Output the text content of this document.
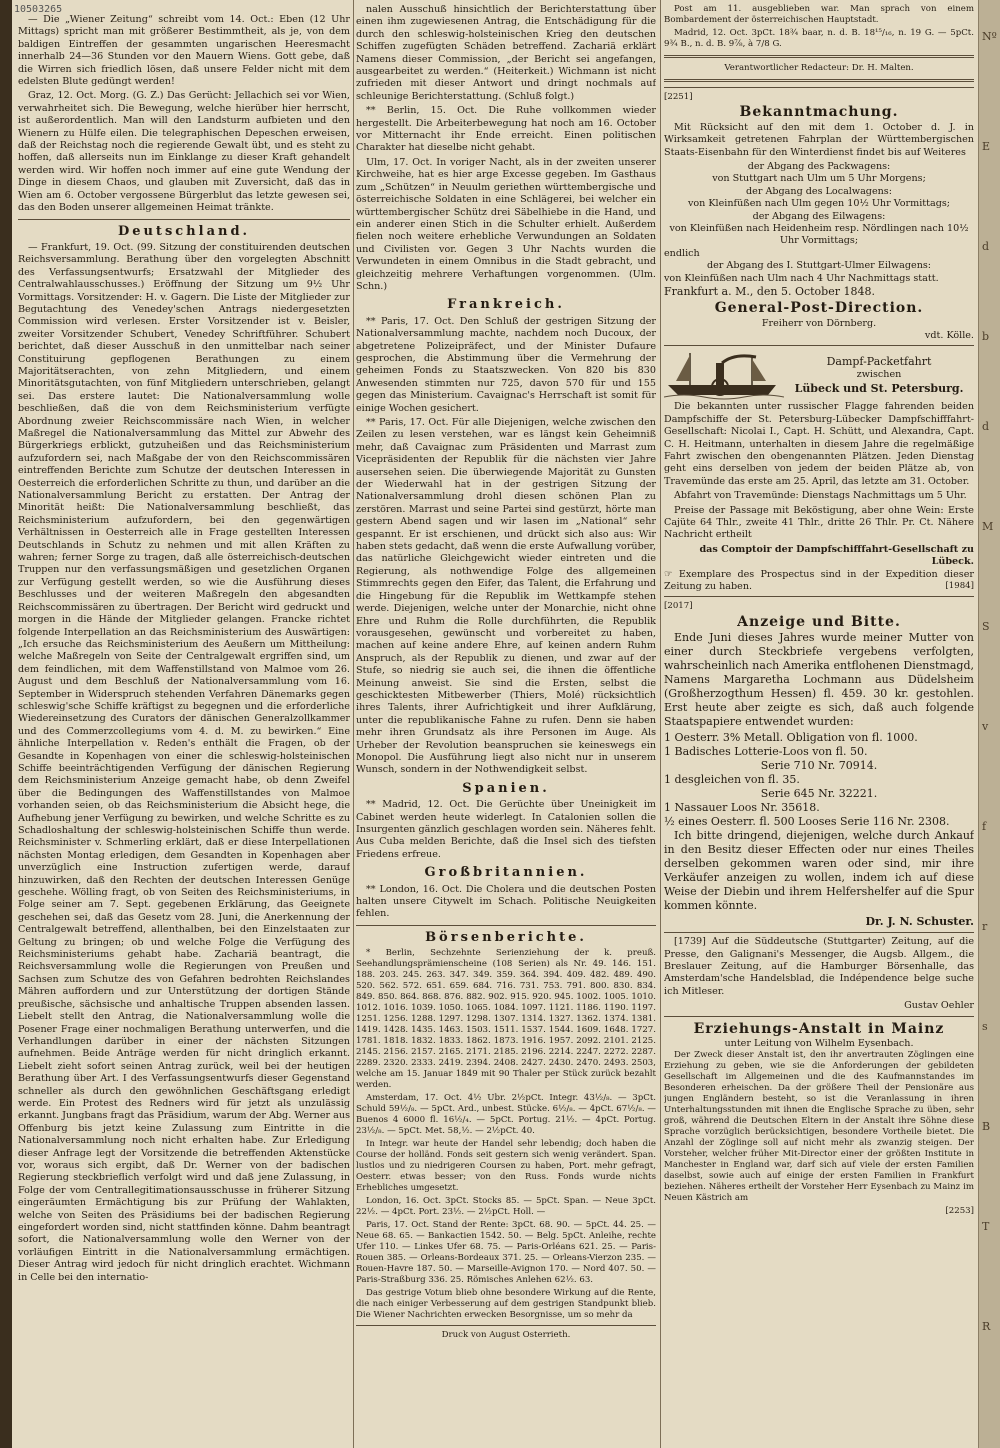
10503265

— Die „Wiener Zeitung“ schreibt vom 14. Oct.: Eben (12 Uhr Mittags) spricht man mit größerer Bestimmtheit, als je, von dem baldigen Eintreffen der gesammten ungarischen Heeresmacht innerhalb 24—36 Stunden vor den Mauern Wiens. Gott gebe, daß die Wirren sich friedlich lösen, daß unsere Felder nicht mit dem edelsten Blute gedüngt werden!

Graz, 12. Oct. Morg. (G. Z.) Das Gerücht: Jellachich sei vor Wien, verwahrheitet sich. Die Bewegung, welche hierüber hier herrscht, ist außerordentlich. Man will den Landsturm aufbieten und den Wienern zu Hülfe eilen. Die telegraphischen Depeschen erweisen, daß der Reichstag noch die regierende Gewalt übt, und es steht zu hoffen, daß allerseits nun im Einklange zu dieser Kraft gehandelt werden wird. Wir hoffen noch immer auf eine gute Wendung der Dinge in diesem Chaos, und glauben mit Zuversicht, daß das in Wien am 6. October vergossene Bürgerblut das letzte gewesen sei, das den Boden unserer allgemeinen Heimat tränkte.

Deutschland.

— Frankfurt, 19. Oct. (99. Sitzung der constituirenden deutschen Reichsversammlung. Berathung über den vorgelegten Abschnitt des Verfassungsentwurfs; Ersatzwahl der Mitglieder des Centralwahlausschusses.) Eröffnung der Sitzung um 9½ Uhr Vormittags. Vorsitzender: H. v. Gagern. Die Liste der Mitglieder zur Begutachtung des Venedey'schen Antrags niedergesetzten Commission wird verlesen. Erster Vorsitzender ist v. Beisler, zweiter Vorsitzender Schubert, Venedey Schriftführer. Schubert berichtet, daß dieser Ausschuß in den unmittelbar nach seiner Constituirung gepflogenen Berathungen zu einem Majoritätserachten, von zehn Mitgliedern, und einem Minoritätsgutachten, von fünf Mitgliedern unterschrieben, gelangt sei. Das erstere lautet: Die Nationalversammlung wolle beschließen, daß die von dem Reichsministerium verfügte Abordnung zweier Reichscommissäre nach Wien, in welcher Maßregel die Nationalversammlung das Mittel zur Abwehr des Bürgerkriegs erblickt, gutzuheißen und das Reichsministerium aufzufordern sei, nach Maßgabe der von den Reichscommissären eintreffenden Berichte zum Schutze der deutschen Interessen in Oesterreich die erforderlichen Schritte zu thun, und darüber an die Nationalversammlung Bericht zu erstatten. Der Antrag der Minorität heißt: Die Nationalversammlung beschließt, das Reichsministerium aufzufordern, bei den gegenwärtigen Verhältnissen in Oesterreich alle in Frage gestellten Interessen Deutschlands in Schutz zu nehmen und mit allen Kräften zu wahren; ferner Sorge zu tragen, daß alle österreichisch-deutschen Truppen nur den verfassungsmäßigen und gesetzlichen Organen zur Verfügung gestellt werden, so wie die Ausführung dieses Beschlusses und der weiteren Maßregeln den abgesandten Reichscommissären zu übertragen. Der Bericht wird gedruckt und morgen in die Hände der Mitglieder gelangen. Francke richtet folgende Interpellation an das Reichsministerium des Auswärtigen: „Ich ersuche das Reichsministerium des Aeußern um Mittheilung: welche Maßregeln von Seite der Centralgewalt ergriffen sind, um dem feindlichen, mit dem Waffenstillstand von Malmoe vom 26. August und dem Beschluß der Nationalversammlung vom 16. September in Widerspruch stehenden Verfahren Dänemarks gegen schleswig'sche Schiffe kräftigst zu begegnen und die erforderliche Wiedereinsetzung des Curators der dänischen Generalzollkammer und des Commerzcollegiums vom 4. d. M. zu bewirken.“ Eine ähnliche Interpellation v. Reden's enthält die Fragen, ob der Gesandte in Kopenhagen von einer die schleswig-holsteinischen Schiffe beeinträchtigenden Verfügung der dänischen Regierung dem Reichsministerium Anzeige gemacht habe, ob denn Zweifel über die Bedingungen des Waffenstillstandes von Malmoe vorhanden seien, ob das Reichsministerium die Absicht hege, die Aufhebung jener Verfügung zu bewirken, und welche Schritte es zu Schadloshaltung der schleswig-holsteinischen Schiffe thun werde. Reichsminister v. Schmerling erklärt, daß er diese Interpellationen nächsten Montag erledigen, dem Gesandten in Kopenhagen aber unverzüglich eine Instruction zufertigen werde, darauf hinzuwirken, daß den Rechten der deutschen Interessen Genüge geschehe. Wölling fragt, ob von Seiten des Reichsministeriums, in Folge seiner am 7. Sept. gegebenen Erklärung, das Geeignete geschehen sei, daß das Gesetz vom 28. Juni, die Anerkennung der Centralgewalt betreffend, allenthalben, bei den Einzelstaaten zur Geltung zu bringen; ob und welche Folge die Verfügung des Reichsministeriums gehabt habe. Zachariä beantragt, die Reichsversammlung wolle die Regierungen von Preußen und Sachsen zum Schutze des von Gefahren bedrohten Reichslandes Mähren auffordern und zur Unterstützung der dortigen Stände preußische, sächsische und anhaltische Truppen absenden lassen. Liebelt stellt den Antrag, die Nationalversammlung wolle die Posener Frage einer nochmaligen Berathung unterwerfen, und die Verhandlungen darüber in einer der nächsten Sitzungen aufnehmen. Beide Anträge werden für nicht dringlich erkannt. Liebelt zieht sofort seinen Antrag zurück, weil bei der heutigen Berathung über Art. I des Verfassungsentwurfs dieser Gegenstand schneller als durch den gewöhnlichen Geschäftsgang erledigt werde. Ein Protest des Redners wird für jetzt als unzulässig erkannt. Jungbans fragt das Präsidium, warum der Abg. Werner aus Offenburg bis jetzt keine Zulassung zum Eintritte in die Nationalversammlung noch nicht erhalten habe. Zur Erledigung dieser Anfrage legt der Vorsitzende die betreffenden Aktenstücke vor, woraus sich ergibt, daß Dr. Werner von der badischen Regierung steckbrieflich verfolgt wird und daß jene Zulassung, in Folge der vom Centrallegitimationsausschusse in früherer Sitzung eingeräumten Ermächtigung bis zur Prüfung der Wahlakten, welche von Seiten des Präsidiums bei der badischen Regierung eingefordert worden sind, nicht stattfinden könne. Dahm beantragt sofort, die Nationalversammlung wolle den Werner von der vorläufigen Eintritt in die Nationalversammlung ermächtigen. Dieser Antrag wird jedoch für nicht dringlich erachtet. Wichmann in Celle bei den internatio-

nalen Ausschuß hinsichtlich der Berichterstattung über einen ihm zugewiesenen Antrag, die Entschädigung für die durch den schleswig-holsteinischen Krieg den deutschen Schiffen zugefügten Schäden betreffend. Zachariä erklärt Namens dieser Commission, „der Bericht sei angefangen, ausgearbeitet zu werden.“ (Heiterkeit.) Wichmann ist nicht zufrieden mit dieser Antwort und dringt nochmals auf schleunige Berichterstattung. (Schluß folgt.)

** Berlin, 15. Oct. Die Ruhe vollkommen wieder hergestellt. Die Arbeiterbewegung hat noch am 16. October vor Mitternacht ihr Ende erreicht. Einen politischen Charakter hat dieselbe nicht gehabt.

Ulm, 17. Oct. In voriger Nacht, als in der zweiten unserer Kirchweihe, hat es hier arge Excesse gegeben. Im Gasthaus zum „Schützen“ in Neuulm geriethen württembergische und österreichische Soldaten in eine Schlägerei, bei welcher ein württembergischer Schütz drei Säbelhiebe in die Hand, und ein anderer einen Stich in die Schulter erhielt. Außerdem fielen noch weitere erhebliche Verwundungen an Soldaten und Civilisten vor. Gegen 3 Uhr Nachts wurden die Verwundeten in einem Omnibus in die Stadt gebracht, und gleichzeitig mehrere Verhaftungen vorgenommen. (Ulm. Schn.)

Frankreich.

** Paris, 17. Oct. Den Schluß der gestrigen Sitzung der Nationalversammlung machte, nachdem noch Ducoux, der abgetretene Polizeipräfect, und der Minister Dufaure gesprochen, die Abstimmung über die Vermehrung der geheimen Fonds zu Staatszwecken. Von 820 bis 830 Anwesenden stimmten nur 725, davon 570 für und 155 gegen das Ministerium. Cavaignac's Herrschaft ist somit für einige Wochen gesichert.

** Paris, 17. Oct. Für alle Diejenigen, welche zwischen den Zeilen zu lesen verstehen, war es längst kein Geheimniß mehr, daß Cavaignac zum Präsidenten und Marrast zum Vicepräsidenten der Republik für die nächsten vier Jahre ausersehen seien. Die überwiegende Majorität zu Gunsten der Wiederwahl hat in der gestrigen Sitzung der Nationalversammlung drohl diesen schönen Plan zu zerstören. Marrast und seine Partei sind gestürzt, hörte man gestern Abend sagen und wir lasen im „National“ sehr gespannt. Er ist erschienen, und drückt sich also aus: Wir haben stets gedacht, daß wenn die erste Aufwallung vorüber, das natürliche Gleichgewicht wieder eintreten und die Regierung, als nothwendige Folge des allgemeinen Stimmrechts gegen den Eifer, das Talent, die Erfahrung und die Hingebung für die Republik im Wettkampfe stehen werde. Diejenigen, welche unter der Monarchie, nicht ohne Ehre und Ruhm die Rolle durchführten, die Republik vorausgesehen, gewünscht und vorbereitet zu haben, machen auf keine andere Ehre, auf keinen andern Ruhm Anspruch, als der Republik zu dienen, und zwar auf der Stufe, so niedrig sie auch sei, die ihnen die öffentliche Meinung anweist. Sie sind die Ersten, selbst die geschicktesten Mitbewerber (Thiers, Molé) rücksichtlich ihres Talents, ihrer Aufrichtigkeit und ihrer Aufklärung, unter die republikanische Fahne zu rufen. Denn sie haben mehr ihren Grundsatz als ihre Personen im Auge. Als Urheber der Revolution beanspruchen sie keineswegs ein Monopol. Die Ausführung liegt also nicht nur in unserem Wunsch, sondern in der Nothwendigkeit selbst.

Spanien.

** Madrid, 12. Oct. Die Gerüchte über Uneinigkeit im Cabinet werden heute widerlegt. In Catalonien sollen die Insurgenten gänzlich geschlagen worden sein. Näheres fehlt. Aus Cuba melden Berichte, daß die Insel sich des tiefsten Friedens erfreue.

Großbritannien.

** London, 16. Oct. Die Cholera und die deutschen Posten halten unsere Citywelt im Schach. Politische Neuigkeiten fehlen.

Börsenberichte.

* Berlin, Sechzehnte Serienziehung der k. preuß. Seehandlungsprämienscheine (108 Serien) als Nr. 49. 146. 151. 188. 203. 245. 263. 347. 349. 359. 364. 394. 409. 482. 489. 490. 520. 562. 572. 651. 659. 684. 716. 731. 753. 791. 800. 830. 834. 849. 850. 864. 868. 876. 882. 902. 915. 920. 945. 1002. 1005. 1010. 1012. 1016. 1039. 1050. 1065. 1084. 1097. 1121. 1186. 1190. 1197. 1251. 1256. 1288. 1297. 1298. 1307. 1314. 1327. 1362. 1374. 1381. 1419. 1428. 1435. 1463. 1503. 1511. 1537. 1544. 1609. 1648. 1727. 1781. 1818. 1832. 1833. 1862. 1873. 1916. 1957. 2092. 2101. 2125. 2145. 2156. 2157. 2165. 2171. 2185. 2196. 2214. 2247. 2272. 2287. 2289. 2320. 2333. 2419. 2394. 2408. 2427. 2430. 2470. 2493. 2503, welche am 15. Januar 1849 mit 90 Thaler per Stück zurück bezahlt werden.

Amsterdam, 17. Oct. 4½ Ubr. 2½pCt. Integr. 43½/₈. — 3pCt. Schuld 59½/₈. — 5pCt. Ard., unbest. Stücke. 6½/₈. — 4pCt. 67½/₈. — Buenos 4 6000 fl. 16½/₄. — 5pCt. Portug. 21½. — 4pCt. Portug. 23½/₈. — 5pCt. Met. 58,½. — 2½pCt. 40.

In Integr. war heute der Handel sehr lebendig; doch haben die Course der holländ. Fonds seit gestern sich wenig verändert. Span. lustlos und zu niedrigeren Coursen zu haben, Port. mehr gefragt, Oesterr. etwas besser; von den Russ. Fonds wurde nichts Erhebliches umgesetzt.

London, 16. Oct. 3pCt. Stocks 85. — 5pCt. Span. — Neue 3pCt. 22½. — 4pCt. Port. 23½. — 2½pCt. Holl. —

Paris, 17. Oct. Stand der Rente: 3pCt. 68. 90. — 5pCt. 44. 25. — Neue 68. 65. — Bankactien 1542. 50. — Belg. 5pCt. Anleihe, rechte Ufer 110. — Linkes Ufer 68. 75. — Paris-Orléans 621. 25. — Paris-Rouen 385. — Orleans-Bordeaux 371. 25. — Orleans-Vierzon 235. — Rouen-Havre 187. 50. — Marseille-Avignon 170. — Nord 407. 50. — Paris-Straßburg 336. 25. Römisches Anlehen 62½. 63.

Das gestrige Votum blieb ohne besondere Wirkung auf die Rente, die nach einiger Verbesserung auf dem gestrigen Standpunkt blieb. Die Wiener Nachrichten erwecken Besorgnisse, um so mehr da

Druck von August Osterrieth.

Post am 11. ausgeblieben war. Man sprach von einem Bombardement der österreichischen Hauptstadt.

Madrid, 12. Oct. 3pCt. 18¾ baar, n. d. B. 18¹⁵/₁₆, n. 19 G. — 5pCt. 9¾ B., n. d. B. 9⅞, à 7/8 G.

Verantwortlicher Redacteur: Dr. H. Malten.
[2251]
Bekanntmachung.

Mit Rücksicht auf den mit dem 1. October d. J. in Wirksamkeit getretenen Fahrplan der Württembergischen Staats-Eisenbahn für den Winterdienst findet bis auf Weiteres

der Abgang des Packwagens:
von Stuttgart nach Ulm um 5 Uhr Morgens;
der Abgang des Localwagens:
von Kleinfüßen nach Ulm gegen 10½ Uhr Vormittags;
der Abgang des Eilwagens:
von Kleinfüßen nach Heidenheim resp. Nördlingen nach 10½ Uhr Vormittags;
endlich
der Abgang des I. Stuttgart-Ulmer Eilwagens:
von Kleinfüßen nach Ulm nach 4 Uhr Nachmittags statt.
Frankfurt a. M., den 5. October 1848.
General-Post-Direction.
Freiherr von Dörnberg.
vdt. Kölle.
Dampf-Packetfahrt
zwischen
Lübeck und St. Petersburg.

Die bekannten unter russischer Flagge fahrenden beiden Dampfschiffe der St. Petersburg-Lübecker Dampfschifffahrt-Gesellschaft: Nicolai I., Capt. H. Schütt, und Alexandra, Capt. C. H. Heitmann, unterhalten in diesem Jahre die regelmäßige Fahrt zwischen den obengenannten Plätzen. Jeden Dienstag geht eins derselben von jedem der beiden Plätze ab, von Travemünde das erste am 25. April, das letzte am 31. October.

Abfahrt von Travemünde: Dienstags Nachmittags um 5 Uhr.

Preise der Passage mit Beköstigung, aber ohne Wein: Erste Cajüte 64 Thlr., zweite 41 Thlr., dritte 26 Thlr. Pr. Ct. Nähere Nachricht ertheilt

das Comptoir der Dampfschifffahrt-Gesellschaft zu Lübeck.
☞ Exemplare des Prospectus sind in der Expedition dieser Zeitung zu haben.	[1984]
[2017]
Anzeige und Bitte.

Ende Juni dieses Jahres wurde meiner Mutter von einer durch Steckbriefe vergebens verfolgten, wahrscheinlich nach Amerika entflohenen Dienstmagd, Namens Margaretha Lochmann aus Düdelsheim (Großherzogthum Hessen) fl. 459. 30 kr. gestohlen. Erst heute aber zeigte es sich, daß auch folgende Staatspapiere entwendet wurden:

1 Oesterr. 3% Metall. Obligation von fl. 1000.
1 Badisches Lotterie-Loos von fl. 50.
Serie 710 Nr. 70914.
1 desgleichen von fl. 35.
Serie 645 Nr. 32221.
1 Nassauer Loos Nr. 35618.
½ eines Oesterr. fl. 500 Looses Serie 116 Nr. 2308.

Ich bitte dringend, diejenigen, welche durch Ankauf in den Besitz dieser Effecten oder nur eines Theiles derselben gekommen waren oder sind, mir ihre Verkäufer anzeigen zu wollen, indem ich auf diese Weise der Diebin und ihrem Helfershelfer auf die Spur kommen könnte.

Dr. J. N. Schuster.

[1739] Auf die Süddeutsche (Stuttgarter) Zeitung, auf die Presse, den Galignani's Messenger, die Augsb. Allgem., die Breslauer Zeitung, auf die Hamburger Börsenhalle, das Amsterdam'sche Handelsblad, die Indépendence belge suche ich Mitleser.

Gustav Oehler
Erziehungs-Anstalt in Mainz
unter Leitung von Wilhelm Eysenbach.

Der Zweck dieser Anstalt ist, den ihr anvertrauten Zöglingen eine Erziehung zu geben, wie sie die Anforderungen der gebildeten Gesellschaft im Allgemeinen und die des Kaufmannstandes im Besonderen erheischen. Da der größere Theil der Pensionäre aus jungen Engländern besteht, so ist die Veranlassung in ihren Unterhaltungsstunden mit ihnen die Englische Sprache zu üben, sehr groß, während die Deutschen Eltern in der Anstalt ihre Söhne diese Sprache vorzüglich berücksichtigen, besondere Vortheile bietet. Die Anzahl der Zöglinge soll auf nicht mehr als zwanzig steigen. Der Vorsteher, welcher früher Mit-Director einer der größten Institute in Manchester in England war, darf sich auf viele der ersten Familien daselbst, sowie auch auf einige der ersten Familien in Frankfurt beziehen. Näheres ertheilt der Vorsteher Herr Eysenbach zu Mainz im Neuen Kästrich am

[2253]
Nº
E
d
b
d
M
S
v
f
r
s
B
T
R
